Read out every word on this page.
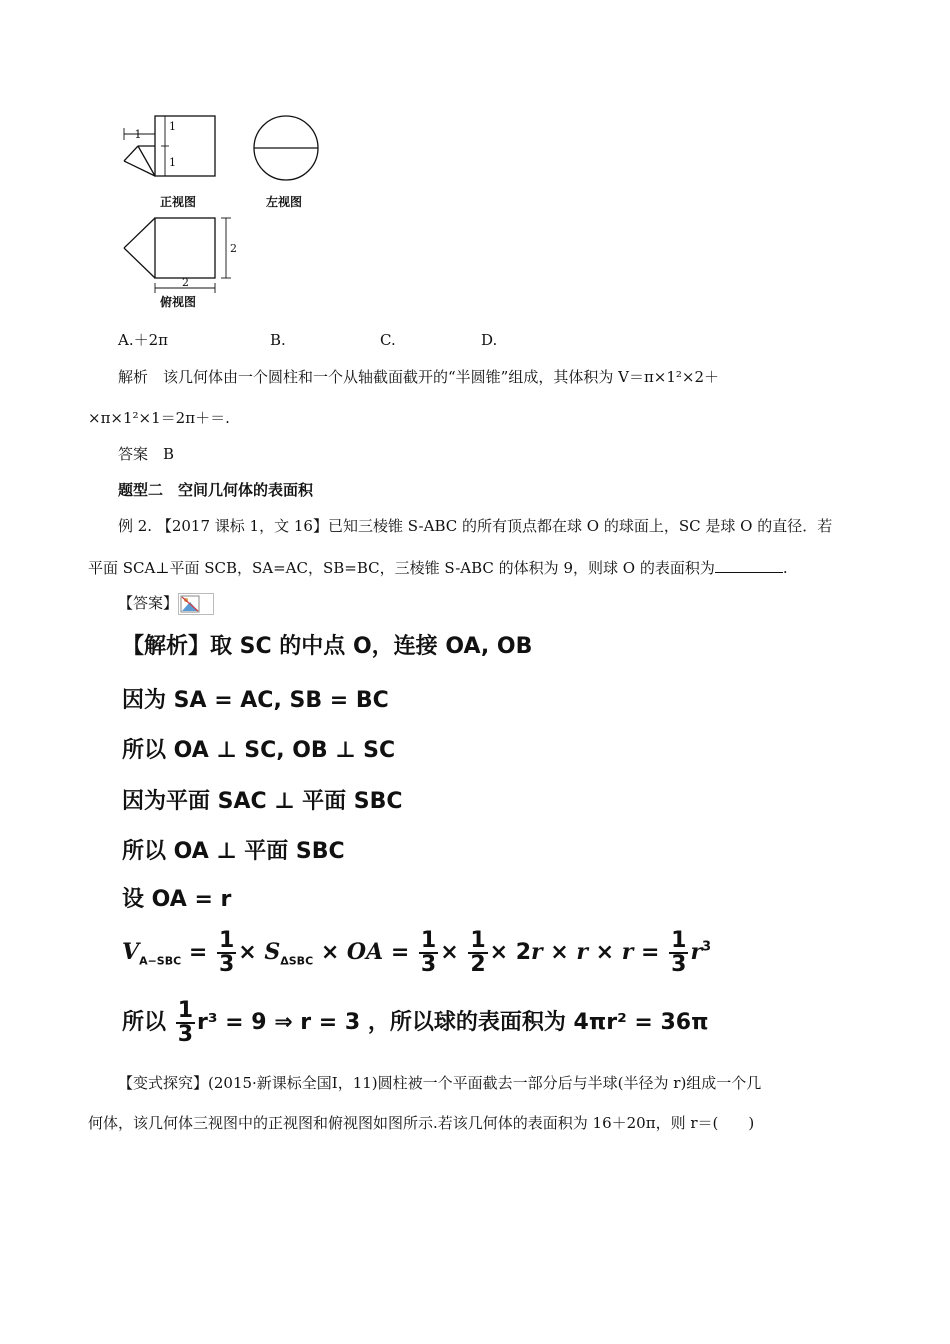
1
1
1
2
2
正视图	左视图
俯视图
A.＋2π	B.	C.	D.
解析　该几何体由一个圆柱和一个从轴截面截开的“半圆锥”组成，其体积为 V＝π×1²×2＋
×π×1²×1＝2π＋＝.
答案　B
题型二　空间几何体的表面积
例 2. 【2017 课标 1，文 16】已知三棱锥 S-ABC 的所有顶点都在球 O 的球面上，SC 是球 O 的直径．若
平面 SCA⊥平面 SCB，SA=AC，SB=BC，三棱锥 S-ABC 的体积为 9，则球 O 的表面积为	.
【答案】
【解析】取 SC 的中点 O，连接 OA, OB
因为 SA = AC, SB = BC
所以 OA ⊥ SC, OB ⊥ SC
因为平面 SAC ⊥ 平面 SBC
所以 OA ⊥ 平面 SBC
设 OA = r
$V_{A-SBC} = \frac{1}{3} \times S_{\Delta SBC}$ × OA = $\frac{1}{3} \times \frac{1}{2} \times 2r \times r \times r = \frac{1}{3} r^3$
所以 $\frac{1}{3} r^3 = 9$ ⇒ r = 3 ，所以球的表面积为 4πr² = 36π
【变式探究】(2015·新课标全国Ⅰ，11)圆柱被一个平面截去一部分后与半球(半径为 r)组成一个几
何体，该几何体三视图中的正视图和俯视图如图所示.若该几何体的表面积为 16＋20π，则 r＝(　　)
